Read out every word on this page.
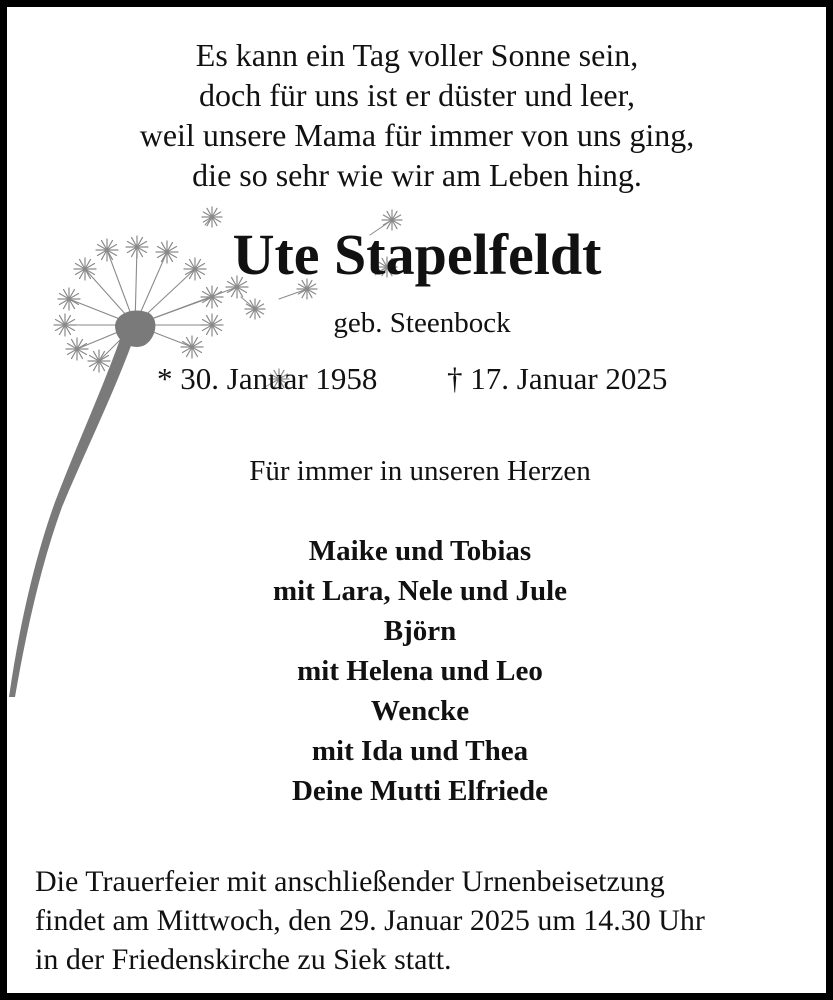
Es kann ein Tag voller Sonne sein,
doch für uns ist er düster und leer,
weil unsere Mama für immer von uns ging,
die so sehr wie wir am Leben hing.
Ute Stapelfeldt
geb. Steenbock
* 30. Januar 1958 † 17. Januar 2025
Für immer in unseren Herzen
Maike und Tobias
mit Lara, Nele und Jule
Björn
mit Helena und Leo
Wencke
mit Ida und Thea
Deine Mutti Elfriede
Die Trauerfeier mit anschließender Urnenbeisetzung
findet am Mittwoch, den 29. Januar 2025 um 14.30 Uhr
in der Friedenskirche zu Siek statt.
